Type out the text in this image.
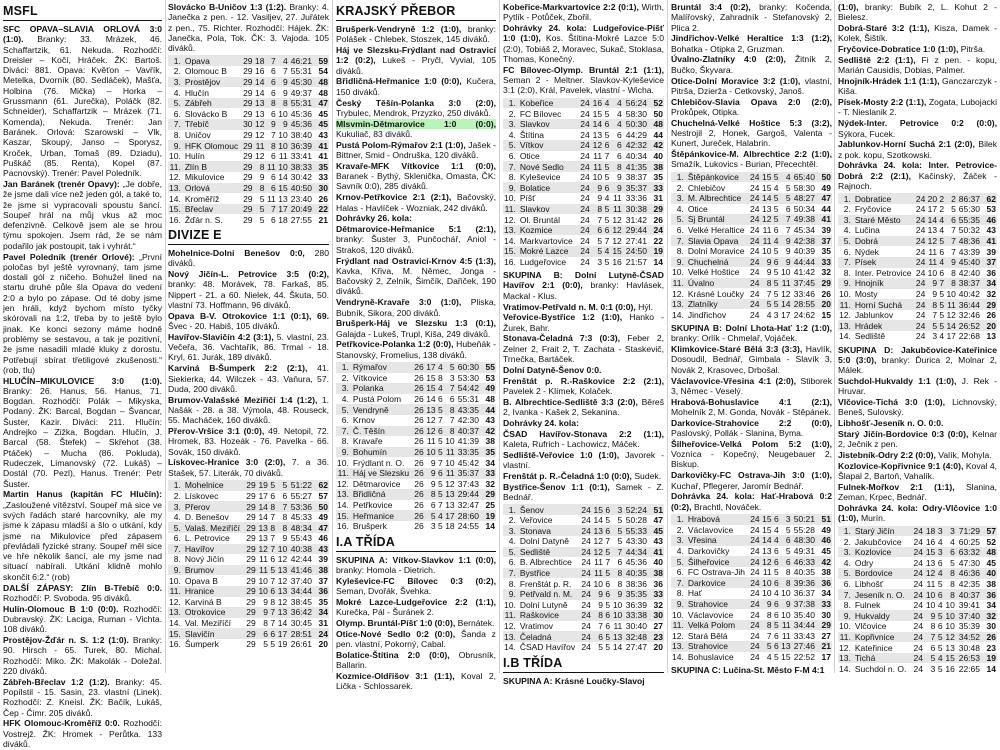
MSFL

SFC OPAVA–SLAVIA ORLOVÁ 3:0 (1:0). Branky: 33. Mrázek, 46. Schaffartzik, 61. Nekuda. Rozhodčí: Dreisler – Kočí, Hráček. ŽK: Bartoš. Diváci: 881. Opava: Kvěťon – Vavřík, Metelka, Dvorník (80. Sedláček), Mašťa, Holbina (76. Mička) – Horka – Grussmann (61. Jurečka), Poláčk (82. Schneider), Schaffartzik – Mrázek (71. Komenda), Nekuda. Trenér: Jan Baránek. Orlová: Szarowski – Vlk, Kaszar, Skoupý, Janso – Sporysz, Kroček, Urban, Tomaš (89. Dziadu), Puškáč (85. Renta), Kopel (87. Pacnovský). Trenér: Pavel Poledník.

Jan Baránek (trenér Opavy): „Je dobře, že jsme dali více než jeden gól, a také to, že jsme si vypracovali spoustu šancí. Soupeř hrál na můj vkus až moc defenzivně. Celkově jsem ale se hrou týmu spokojen. Jsem rád, že se nám podařilo jak postoupit, tak i vyhrát.“

Pavel Poledník (trenér Orlové): „První poločas byl ještě vyrovnaný, tam jsme dostali gól z ničeho. Bohužel lined na startu druhé půle šla Opava do vedení 2:0 a bylo po zápase. Od té doby jsme jen hráli, když bychom místo tyčky skórovali na 1:2, třeba by to ještě bylo jinak. Ke konci sezony máme hodně problémy se sestavou, a tak je pozitivní, že jsme nasadili mladé kluky z dorostu. Potřebují sbírat třetiligové zkušenosti.“ (rob, tlu)

HLUČÍN–MIKULOVICE 3:0 (1:0). Branky: 26. Hanus, 56. Hanus, 71. Bogdan. Rozhodčí: Polák – Mikyska, Podaný. ŽK: Barcal, Bogdan – Švancar, Šuster, Kazir. Diváci: 211. Hlučín: Andrejko – Zižka, Bogdan. Hlučín, J. Barcal (58. Štefek) – Skřehot (38. Ptáček) – Mucha (86. Pokluda), Rudeczek, Limanovský (72. Lukáš) – Dostál (70. Pezl), Hanus. Trenér: Petr Šuster.

Martin Hanus (kapitán FC Hlučín): „Zasloužené vítězství. Soupeř má sice ve svých řadách staré harcovníky, ale my jsme k zápasu mladší a šlo o utkání, kdy jsme na Mikulovice před zápasem převládali fyzické strany. Soupeř měl sice ve hře několik šancí, ale my jsme nad situací nabírali. Utkání klidně mohlo skončit 6:2.“ (rob)

DALŠÍ ZÁPASY: Zlín B-Třebíč 0:0. Rozhodčí: P. Svoboda. 95 diváků.

Hulín-Olomouc B 1:0 (0:0). Rozhodčí: Dubravský. ŽK: Laciga, Ruman - Vichta. 108 diváků.

Prostějov-Žďár n. S. 1:2 (1:0). Branky: 90. Hirsch - 65. Turek, 80. Michal. Rozhodčí: Miko. ŽK: Makolák - Doležal. 220 diváků.

Zábřeh-Břeclav 1:2 (1:2). Branky: 45. Popílstil - 15. Sasin, 23. vlastní (Linek). Rozhodčí: Z. Kneisl. ŽK: Bačík, Lukáš, Čep - Čimr. 205 diváků.

HFK Olomouc-Kroměříž 0:0. Rozhodčí: Vostrejž. ŽK: Hromek - Perůtka. 133 diváků.

Slovácko B-Uničov 1:3 (1:2). Branky: 4. Janečka z pen. - 12. Vasiljev, 27. Juřátek z pen., 75. Richter. Rozhodčí: Hájek. ŽK: Janečka, Pola, Tok. ČK: 3. Vajoda. 105 diváků.

1.	Opava	29	18	7	4	46:21	59
2.	Olomouc B	29	16	6	7	55:31	54
3.	Prostějov	29	14	6	9	45:30	48
4.	Hlučín	29	14	6	9	49:37	48
5.	Zábřeh	29	13	8	8	55:31	47
6.	Slovácko B	29	13	6	10	45:36	45
7.	Třebíč	30	12	9	9	45:36	45
8.	Uničov	29	12	7	10	38:40	43
9.	HFK Olomouc	29	11	8	10	36:39	41
10.	Hulín	29	12	6	11	33:41	41
11.	Zlín B	29	8	11	10	38:33	35
12.	Mikulovice	29	9	6	14	30:42	33
13.	Orlová	29	8	6	15	40:50	30
14.	Kroměříž	29	5	11	13	23:40	26
15.	Břeclav	29	5	7	17	20:49	22
16.	Žďár n. S.	29	5	6	18	27:55	21
DIVIZE E

Mohelnice-Dolní Benešov 0:0, 280 diváků.

Nový Jičín-L. Petrovice 3:5 (0:2), branky: 48. Morávek, 78. Farkaš, 85. Nippert - 21. a 60. Nielek, 44. Škuta, 50. vlastní 73. Hoffmann, 96 diváků.

Opava B-V. Otrokovice 1:1 (0:1), 69. Švec - 20. Habiš, 105 diváků.

Havířov-Slavičín 4:2 (3:1), 5. vlastní, 23. Večeřa, 36. Vachtařík, 86. Trmal - 18. Kryl, 61. Jurák, 189 diváků.

Karviná B-Šumperk 2:2 (2:1), 41. Siekierka, 44. Wilczek - 43. Vaňura, 57. Duda, 200 diváků.

Brumov-Valašské Meziříčí 1:4 (1:2), 1. Našák - 28. a 38. Výmola, 48. Rouseck, 55. Macháček, 160 diváků.

Přerov-Vršice 3:1 (0:0), 49. Netopil, 72. Hromek, 83. Hozeák - 76. Pavelka - 66. Sovák, 150 diváků.

Lískovec-Hranice 3:0 (2:0), 7. a 36. Stašek, 57. Literák, 70 diváků.

1.	Mohelnice	29	19	5	5	51:22	62
2.	Lískovec	29	17	6	6	55:27	57
3.	Přerov	29	14	8	7	53:36	50
4.	D. Benešov	29	14	7	8	45:33	49
5.	Valaš. Meziříčí	29	13	8	8	48:34	47
6.	L. Petrovice	29	13	7	9	55:43	46
7.	Havířov	29	12	7	10	40:38	43
8.	Nový Jičín	29	11	6	12	42:44	39
9.	Brumov	29	11	5	13	41:46	38
10.	Opava B	29	10	7	12	37:40	37
11.	Hranice	29	10	6	13	34:44	36
12.	Karviná B	29	9	8	12	38:45	35
13.	Otrokovice	29	9	7	13	36:42	34
14.	Val. Meziříčí	29	8	7	14	30:45	31
15.	Slavičín	29	6	6	17	28:51	24
16.	Šumperk	29	5	5	19	26:61	20
KRAJSKÝ PŘEBOR

Brušperk-Vendryně 1:2 (1:0), branky: Polášek - Chlebek, Stoszek, 145 diváků.

Háj ve Slezsku-Frýdlant nad Ostravicí 1:2 (0:2), Lukeš - Pryčl, Vyvial, 105 diváků.

Břidličná-Heřmanice 1:0 (0:0), Kučera, 150 diváků.

Český Těšín-Polanka 3:0 (2:0), Trybulec, Mendrok, Przyzko, 250 diváků.

Mlsvmin-Dětmarovice 1:0 (0:0), Kukuliač, 83 diváků.

Pustá Polom-Rýmařov 2:1 (1:0), Jašek - Bittner, Smid - Ondruška, 120 diváků.

Kravaře-MFK Vítkovice 1:1 (0:0), Baranek - Bythý, Sklenička, Omasta, ČK: Savník 0:0), 285 diváků.

Krnov-Petřkovice 2:1 (2:1), Bačovský, Halas - Havlíček - Wozniak, 242 diváků.

Dohrávky 26. kola:

Dětmarovice-Heřmanice 5:1 (2:1), branky: Šuster 3, Punčochář, Aniol - Strakoš, 120 diváků.

Frýdlant nad Ostravicí-Krnov 4:5 (1:3), Kavka, Křiva, M. Němec, Jonga - Bačovský 2, Zelník, Šimčík, Dařiček, 190 diváků.

Vendryně-Kravaře 3:0 (1:0), Pliska, Bubník, Sikora, 200 diváků.

Brušperk-Háj ve Slezsku 1:3 (0:1), Galajda - Lukeš, Trupl, Kiša, 249 diváků.

Petřkovice-Polanka 1:2 (0:0), Hubeňák - Stanovský, Fromelius, 138 diváků.

1.	Rýmařov	26	17	4	5	60:30	55
2.	Vítkovice	26	15	8	3	53:30	53
3.	Polanka	26	15	4	7	54:42	49
4.	Pustá Polom	26	14	6	6	55:31	48
5.	Vendryně	26	13	5	8	43:35	44
6.	Krnov	26	12	7	7	42:30	43
7.	Č. Těšín	26	12	6	8	40:37	42
8.	Kravaře	26	11	5	10	41:39	38
9.	Bohumín	26	10	5	11	33:35	35
10.	Frýdlant n. O.	26	9	7	10	45:42	34
11.	Háj ve Slezsku	26	9	6	11	35:37	33
12.	Dětmarovice	26	9	5	12	37:43	32
13.	Břidličná	26	8	5	13	29:44	29
14.	Petřkovice	26	6	7	13	32:47	25
15.	Heřmanice	26	5	4	17	28:60	19
16.	Brušperk	26	3	5	18	24:55	14
I.A TŘÍDA

SKUPINA A: Vítkov-Slavkov 1:1 (0:0), branky: Homola - Dietrich.

Kyleševice-FC Bílovec 0:3 (0:2), Seman, Dvořák, Švehka.

Mokré Lazce-Ludgeřovice 2:2 (1:1), Kurečka, Pál - Šuránek 2.

Olymp. Bruntál-Píšť 1:0 (0:0), Bernátek.

Otice-Nové Sedlo 0:2 (0:0), Šanda z pen. vlastní, Pokorný, Cabal.

Bolatice-Štítina 2:0 (0:0), Obrusník, Ballarin.

Kozmice-Oldřišov 3:1 (1:1), Koval 2, Lička - Schlossarek.

Kobeřice-Markvartovice 2:2 (0:1), Wirth, Pytlík - Potůček, Zbořil.

Dohrávky 24. kola: Ludgeřovice-Píšť 1:0 (1:0), Kos. Štítina-Mokré Lazce 5:0 (2:0), Tobiáš 2, Moravec, Sukač, Stoklasa, Thomas, Konečný.

FC Bílovec-Olymp. Bruntál 2:1 (1:1), Seman 2 - Meltner. Slavkov-Kyleševice 3:1 (2:0), Král, Pavelek, vlastní - Wicha.

1.	Kobeřice	24	16	4	4	56:24	52
2.	FC Bílovec	24	15	5	4	58:30	50
3.	Slavkov	24	14	6	4	50:30	48
4.	Štítina	24	13	5	6	44:29	44
5.	Vítkov	24	12	6	6	42:32	42
6.	Otice	24	11	7	6	40:34	40
7.	Nové Sedlo	24	11	5	8	41:35	38
8.	Kyleševice	24	10	5	9	38:37	35
9.	Bolatice	24	9	6	9	35:37	33
10.	Píšť	24	9	4	11	33:36	31
11.	Slavkov	24	8	5	11	30:38	29
12.	Ol. Bruntál	24	7	5	12	31:42	26
13.	Kozmice	24	6	6	12	29:44	24
14.	Markvartovice	24	5	7	12	27:41	22
15.	Mokré Lazce	24	5	4	15	24:50	19
16.	Ludgeřovice	24	3	5	16	21:57	14

SKUPINA B: Dolní Lutyně-ČSAD Havířov 2:1 (0:0), branky: Havlásek, Mackal - Klus.

Vratimov-Petřvald n. M. 0:1 (0:0), Hýl.

Veřovice-Bystřice 1:2 (1:0), Hanko - Žurek, Bahr.

Stonava-Čeladná 7:3 (0:3), Feber 2, Zelner 2, Frait 2, T. Zachata - Staskevič, Trnečka, Bartáček.

Dolní Datyně-Šenov 0:0.

Frenštát p. R.-Raškovice 2:2 (2:1), Pavelek 2 - Klímek, Kolaček.

B. Albrechtice-Sedliště 3:3 (2:0), Běreš 2, Ivanka - Kašek 2, Sekanina.

Dohrávky 24. kola:

ČSAD Havířov-Stonava 2:2 (1:1), Kaleta, Rufrich - Lachowicz, Máček.

Sedliště-Veřovice 1:0 (1:0), Javorek - vlastní.

Frenštát p. R.-Čeladná 1:0 (0:0), Sudek.

Bystřice-Šenov 1:1 (0:1), Samek - Z. Bednář.

1.	Šenov	24	15	6	3	52:24	51
2.	Veřovice	24	14	5	5	50:28	47
3.	Stonava	24	13	6	5	55:33	45
4.	Dolní Datyně	24	12	7	5	43:30	43
5.	Sedliště	24	12	5	7	44:34	41
6.	B. Albrechtice	24	11	7	6	45:36	40
7.	Bystřice	24	11	5	8	40:35	38
8.	Frenštát p. R.	24	10	6	8	38:36	36
9.	Petřvald n. M.	24	9	6	9	35:35	33
10.	Dolní Lutyně	24	9	5	10	36:39	32
11.	Raškovice	24	8	6	10	33:38	30
12.	Vratimov	24	7	6	11	30:40	27
13.	Čeladná	24	6	5	13	32:48	23
14.	ČSAD Havířov	24	5	5	14	27:47	20
I.B TŘÍDA

SKUPINA A: Krásné Loučky-Slavoj

Bruntál 3:4 (0:2), branky: Kočenda, Malířovský, Zahradník - Stefanovský 2, Plica 2.

Jindřichov-Velké Heraltice 1:3 (1:2), Bohatka - Otipka 2, Gruzman.

Úvalno-Zlatníky 4:0 (2:0), Žitník 2, Bučko, Škyvara.

Otice-Dolní Moravice 3:2 (1:0), vlastní, Pitrša, Dzierža - Cetkovský, Janoš.

Chlebičov-Slavia Opava 2:0 (2:0), Prokůpek, Otipka.

Chuchelná-Velké Hoštice 5:3 (3:2), Nestrojil 2, Honek, Gargoš, Valenta - Kunert, Jureček, Halabrin.

Štěpánkovice-M. Albrechtice 2:2 (1:0), Smažík, Lukovics - Burian, Přecechtěl.

1.	Štěpánkovice	24	15	5	4	65:40	50
2.	Chlebičov	24	15	4	5	58:30	49
3.	M. Albrechtice	24	14	5	5	48:27	47
4.	Otice	24	13	5	6	50:34	44
5.	Sj Bruntál	24	12	5	7	49:38	41
6.	Velké Heraltice	24	11	6	7	45:34	39
7.	Slavia Opava	24	11	4	9	42:38	37
8.	Dolní Moravice	24	10	5	9	40:39	35
9.	Chuchelná	24	9	6	9	44:44	33
10.	Velké Hoštice	24	9	5	10	41:42	32
11.	Úvalno	24	8	5	11	37:45	29
12.	Krásné Loučky	24	7	5	12	33:46	26
13.	Zlatníky	24	5	5	14	28:55	20
14.	Jindřichov	24	4	3	17	24:62	15

SKUPINA B: Dolní Lhota-Hať 1:2 (1:0), branky: Orlík - Chmelař, Vojáček.

Klimkovice-Staré Bělá 3:3 (3:3), Havlík, Dosoudil, Bednář, Gimbala - Slavík 3, Novák 2, Krasovec, Drbošal.

Václavovice-Vřesina 4:1 (2:0), Stiborek 3, Němec - Veselý.

Hrabová-Bohuslavice 4:1 (2:1), Mohelník 2, M. Gonda, Novák - Stěpánek.

Darkovice-Strahovice 2:2 (0:0), Paslovský, Pollák - Slanina, Byma.

Šilheřovice-Velká Polom 5:2 (1:0), Vozníca - Kopečný, Neugebauer 2, Biskup.

Darkovičky-FC Ostrava-Jih 3:0 (1:0), Kuchař, Pflegerer, Jaromír Bednář.

Dohrávka 24. kola: Hať-Hrabová 0:2 (0:2), Brachtl, Nováček.

1.	Hrabová	24	15	6	3	50:21	51
2.	Václavovice	24	15	4	5	55:28	49
3.	Vřesina	24	14	4	6	48:30	46
4.	Darkovičky	24	13	6	5	49:31	45
5.	Šilheřovice	24	12	6	6	46:33	42
6.	FC Ostrava-Jih	24	11	5	8	40:35	38
7.	Darkovice	24	10	6	8	39:36	36
8.	Hať	24	10	4	10	36:37	34
9.	Strahovice	24	9	6	9	37:38	33
10.	Václavovice	24	8	6	10	35:40	30
11.	Velká Polom	24	8	5	11	34:44	29
12.	Stará Bělá	24	7	6	11	33:43	27
13.	Strahovice	24	5	6	13	27:46	21
14.	Bohuslavice	24	4	5	15	22:52	17

SKUPINA C: Lučina-St. Město F-M 4:1

(1:0), branky: Bubík 2, L. Kohut 2 - Bielesz.

Dobrá-Staré 3:2 (1:1), Kisza, Damek - Kolek, Šištík.

Fryčovice-Dobratice 1:0 (1:0), Pitrša.

Sedliště 2:2 (1:1), Fi z pen. - kopu, Marián Causidis, Dobias, Palmer.

Hnojník-Hrádek 1:1 (1:1), Ganczarczyk - Kiša.

Písek-Mosty 2:2 (1:1), Zogata, Lubojacki - T. Nieslanik 2.

Nýdek-Inter. Petrovice 0:2 (0:0), Sýkora, Fucek.

Jablunkov-Horní Suchá 2:1 (2:0), Bilek z pok. kopu, Szotkowski.

Dohrávka 24. kola: Inter. Petrovice-Dobrá 2:2 (2:1), Kačinský, Žáček - Rajnoch.

1.	Dobratice	24	20	2	2	86:37	62
2.	Fryčovice	24	17	2	5	65:30	53
3.	Staré Město	24	14	4	6	55:35	46
4.	Lučina	24	13	4	7	50:32	43
5.	Dobrá	24	12	5	7	48:36	41
6.	Nýdek	24	11	6	7	43:39	39
7.	Písek	24	11	4	9	45:40	37
8.	Inter. Petrovice	24	10	6	8	42:40	36
9.	Hnojník	24	9	7	8	38:37	34
10.	Mosty	24	9	5	10	40:42	32
11.	Horní Suchá	24	8	5	11	36:44	29
12.	Jablunkov	24	7	5	12	32:46	26
13.	Hrádek	24	5	5	14	26:52	20
14.	Sedliště	24	3	4	17	22:68	13

SKUPINA D: Jakubčovice-Kateřinice 5:0 (3:0), branky: Ďurica 2, Molnar 2, Málek.

Suchdol-Hukvaldy 1:1 (1:0), J. Rek - Hruvar.

Vlčovice-Tichá 3:0 (1:0), Lichnovský, Beneš, Sulovský.

Libhošť-Jeseník n. O. 0:0.

Starý Jičín-Bordovice 0:3 (0:0), Kelnar 2, Ječnik z pen.

Jistebník-Odry 2:2 (0:0), Valík, Mohyla.

Kozlovice-Kopřivnice 9:1 (4:0), Koval 4, Šlapal 2, Bartoň, Vahalík.

Fulnek-Mořkov 2:1 (1:1), Slanina, Zeman, Krpec, Bednář.

Dohrávka 24. kola: Odry-Vlčovice 1:0 (1:0), Murín.

1.	Starý Jičín	24	18	3	3	71:29	57
2.	Jakubčovice	24	16	4	4	60:25	52
3.	Kozlovice	24	15	3	6	63:32	48
4.	Odry	24	13	6	5	47:30	45
5.	Bordovice	24	12	4	8	46:36	40
6.	Libhošť	24	11	5	8	42:35	38
7.	Jeseník n. O.	24	10	6	8	40:37	36
8.	Fulnek	24	10	4	10	39:41	34
9.	Hukvaldy	24	9	5	10	37:40	32
10.	Vlčovice	24	8	6	10	35:39	30
11.	Kopřivnice	24	7	5	12	34:52	26
12.	Kateřinice	24	6	5	13	30:48	23
13.	Tichá	24	5	4	15	26:53	19
14.	Suchdol n. O.	24	3	5	16	22:65	14
